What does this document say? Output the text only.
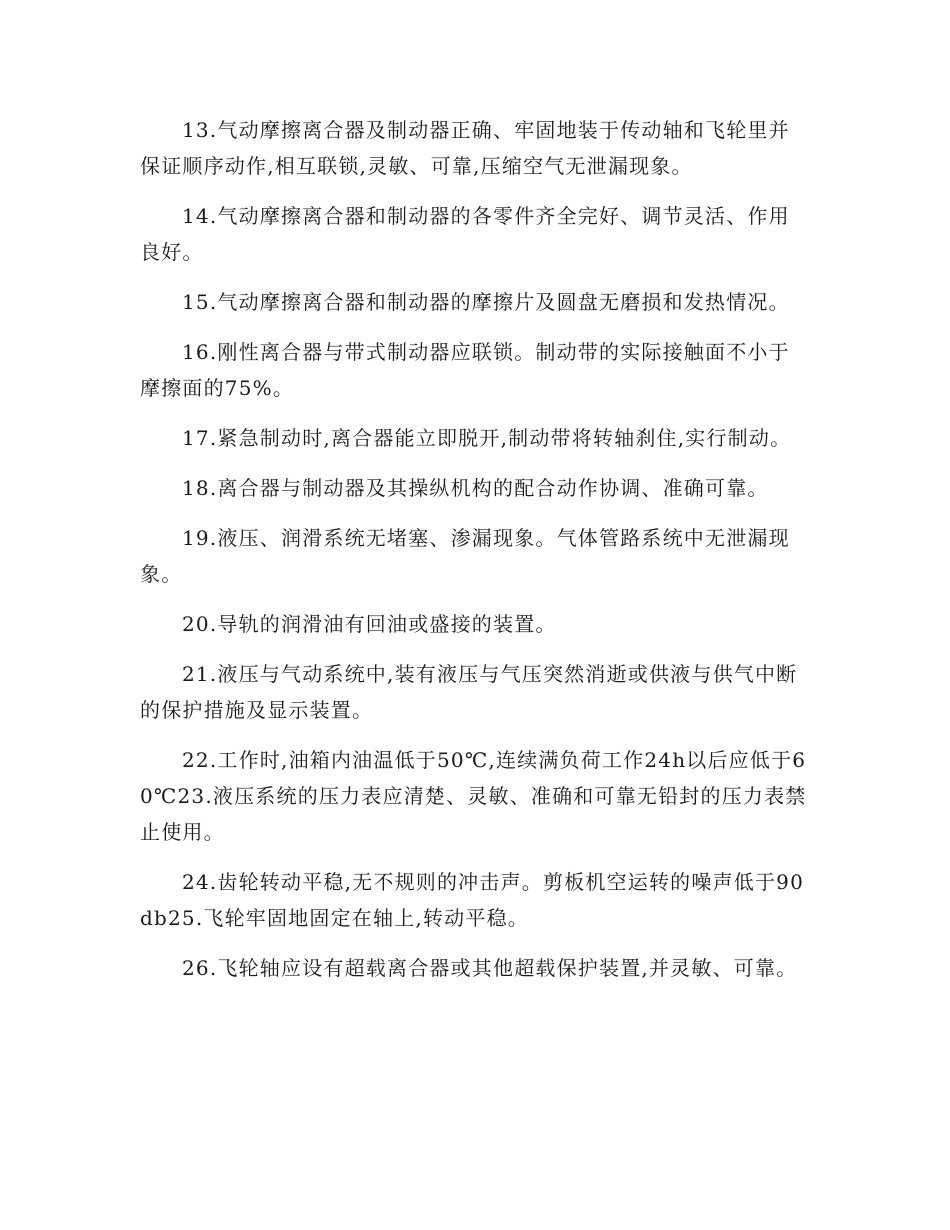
13.气动摩擦离合器及制动器正确、牢固地装于传动轴和飞轮里并保证顺序动作,相互联锁,灵敏、可靠,压缩空气无泄漏现象。

14.气动摩擦离合器和制动器的各零件齐全完好、调节灵活、作用良好。

15.气动摩擦离合器和制动器的摩擦片及圆盘无磨损和发热情况。

16.刚性离合器与带式制动器应联锁。制动带的实际接触面不小于摩擦面的75%。

17.紧急制动时,离合器能立即脱开,制动带将转轴刹住,实行制动。

18.离合器与制动器及其操纵机构的配合动作协调、准确可靠。

19.液压、润滑系统无堵塞、渗漏现象。气体管路系统中无泄漏现象。

20.导轨的润滑油有回油或盛接的装置。

21.液压与气动系统中,装有液压与气压突然消逝或供液与供气中断的保护措施及显示装置。

22.工作时,油箱内油温低于50℃,连续满负荷工作24h以后应低于60℃23.液压系统的压力表应清楚、灵敏、准确和可靠无铅封的压力表禁止使用。

24.齿轮转动平稳,无不规则的冲击声。剪板机空运转的噪声低于90db25.飞轮牢固地固定在轴上,转动平稳。

26.飞轮轴应设有超载离合器或其他超载保护装置,并灵敏、可靠。
